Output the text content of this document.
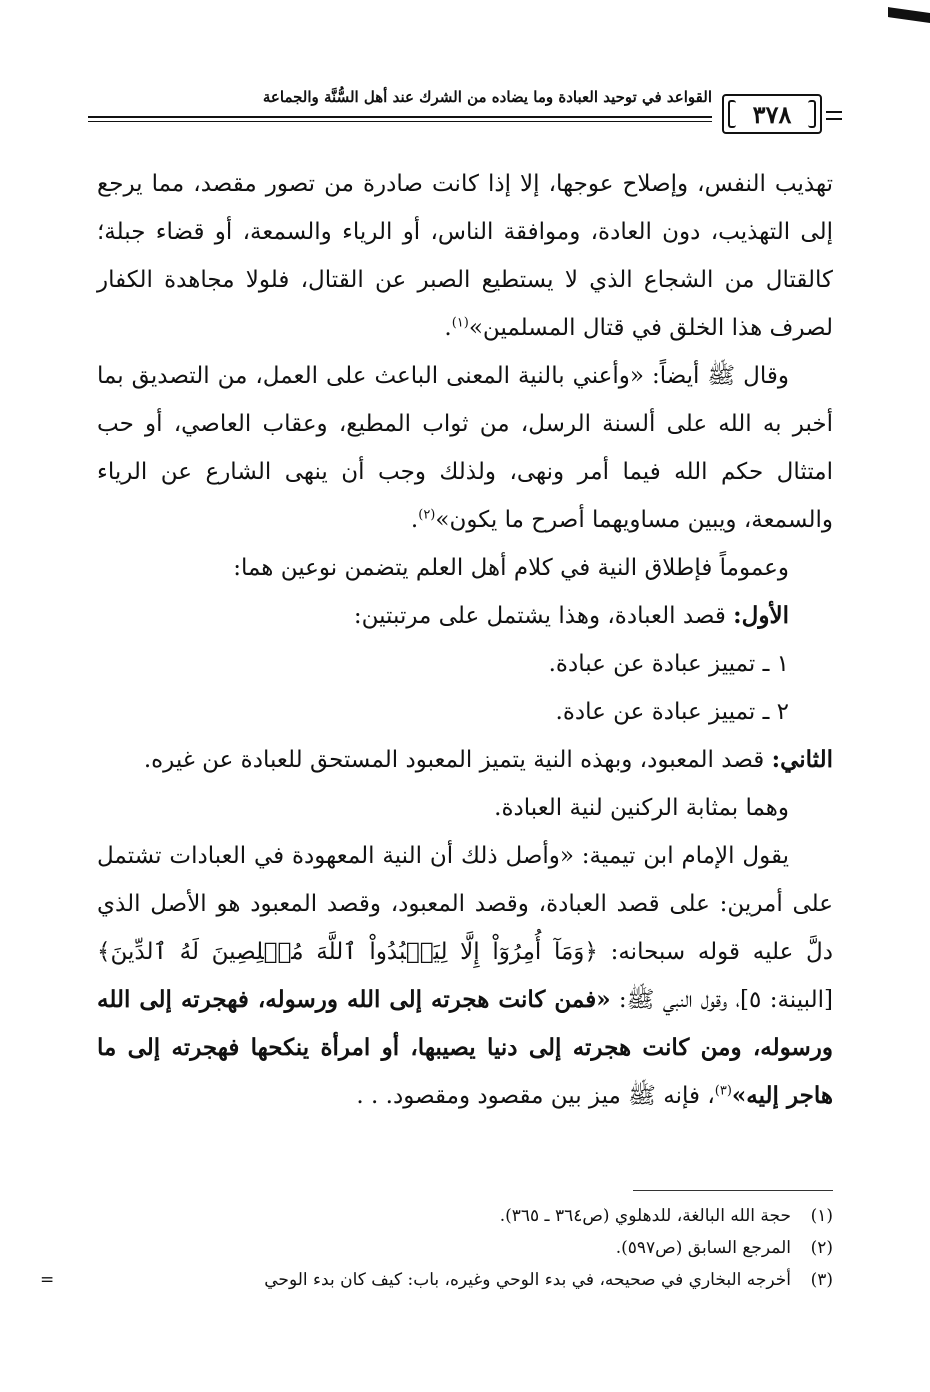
القواعد في توحيد العبادة وما يضاده من الشرك عند أهل السُّنَّة والجماعة
٣٧٨

تهذيب النفس، وإصلاح عوجها، إلا إذا كانت صادرة من تصور مقصد، مما يرجع إلى التهذيب، دون العادة، وموافقة الناس، أو الرياء والسمعة، أو قضاء جبلة؛ كالقتال من الشجاع الذي لا يستطيع الصبر عن القتال، فلولا مجاهدة الكفار لصرف هذا الخلق في قتال المسلمين»$^{(١)}$.

وقال ﷺ أيضاً: «وأعني بالنية المعنى الباعث على العمل، من التصديق بما أخبر به الله على ألسنة الرسل، من ثواب المطيع، وعقاب العاصي، أو حب امتثال حكم الله فيما أمر ونهى، ولذلك وجب أن ينهى الشارع عن الرياء والسمعة، ويبين مساويهما أصرح ما يكون»$^{(٢)}$.

وعموماً فإطلاق النية في كلام أهل العلم يتضمن نوعين هما:

الأول: قصد العبادة، وهذا يشتمل على مرتبتين:

١ ـ تمييز عبادة عن عبادة.

٢ ـ تمييز عبادة عن عادة.

الثاني: قصد المعبود، وبهذه النية يتميز المعبود المستحق للعبادة عن غيره.

وهما بمثابة الركنين لنية العبادة.

يقول الإمام ابن تيمية: «وأصل ذلك أن النية المعهودة في العبادات تشتمل على أمرين: على قصد العبادة، وقصد المعبود، وقصد المعبود هو الأصل الذي دلَّ عليه قوله سبحانه: ﴿وَمَآ أُمِرُوٓاْ إِلَّا لِيَعۡبُدُواْ ٱللَّهَ مُخۡلِصِينَ لَهُ ٱلدِّينَ﴾ [البينة: ٥]، وقول النبي ﷺ: «فمن كانت هجرته إلى الله ورسوله، فهجرته إلى الله ورسوله، ومن كانت هجرته إلى دنيا يصيبها، أو امرأة ينكحها فهجرته إلى ما هاجر إليه»$^{(٣)}$، فإنه ﷺ ميز بين مقصود ومقصود. . .

(١)
حجة الله البالغة، للدهلوي (ص٣٦٤ ـ ٣٦٥).
(٢)
المرجع السابق (ص٥٩٧).
(٣)
أخرجه البخاري في صحيحه، في بدء الوحي وغيره، باب: كيف كان بدء الوحي
=
